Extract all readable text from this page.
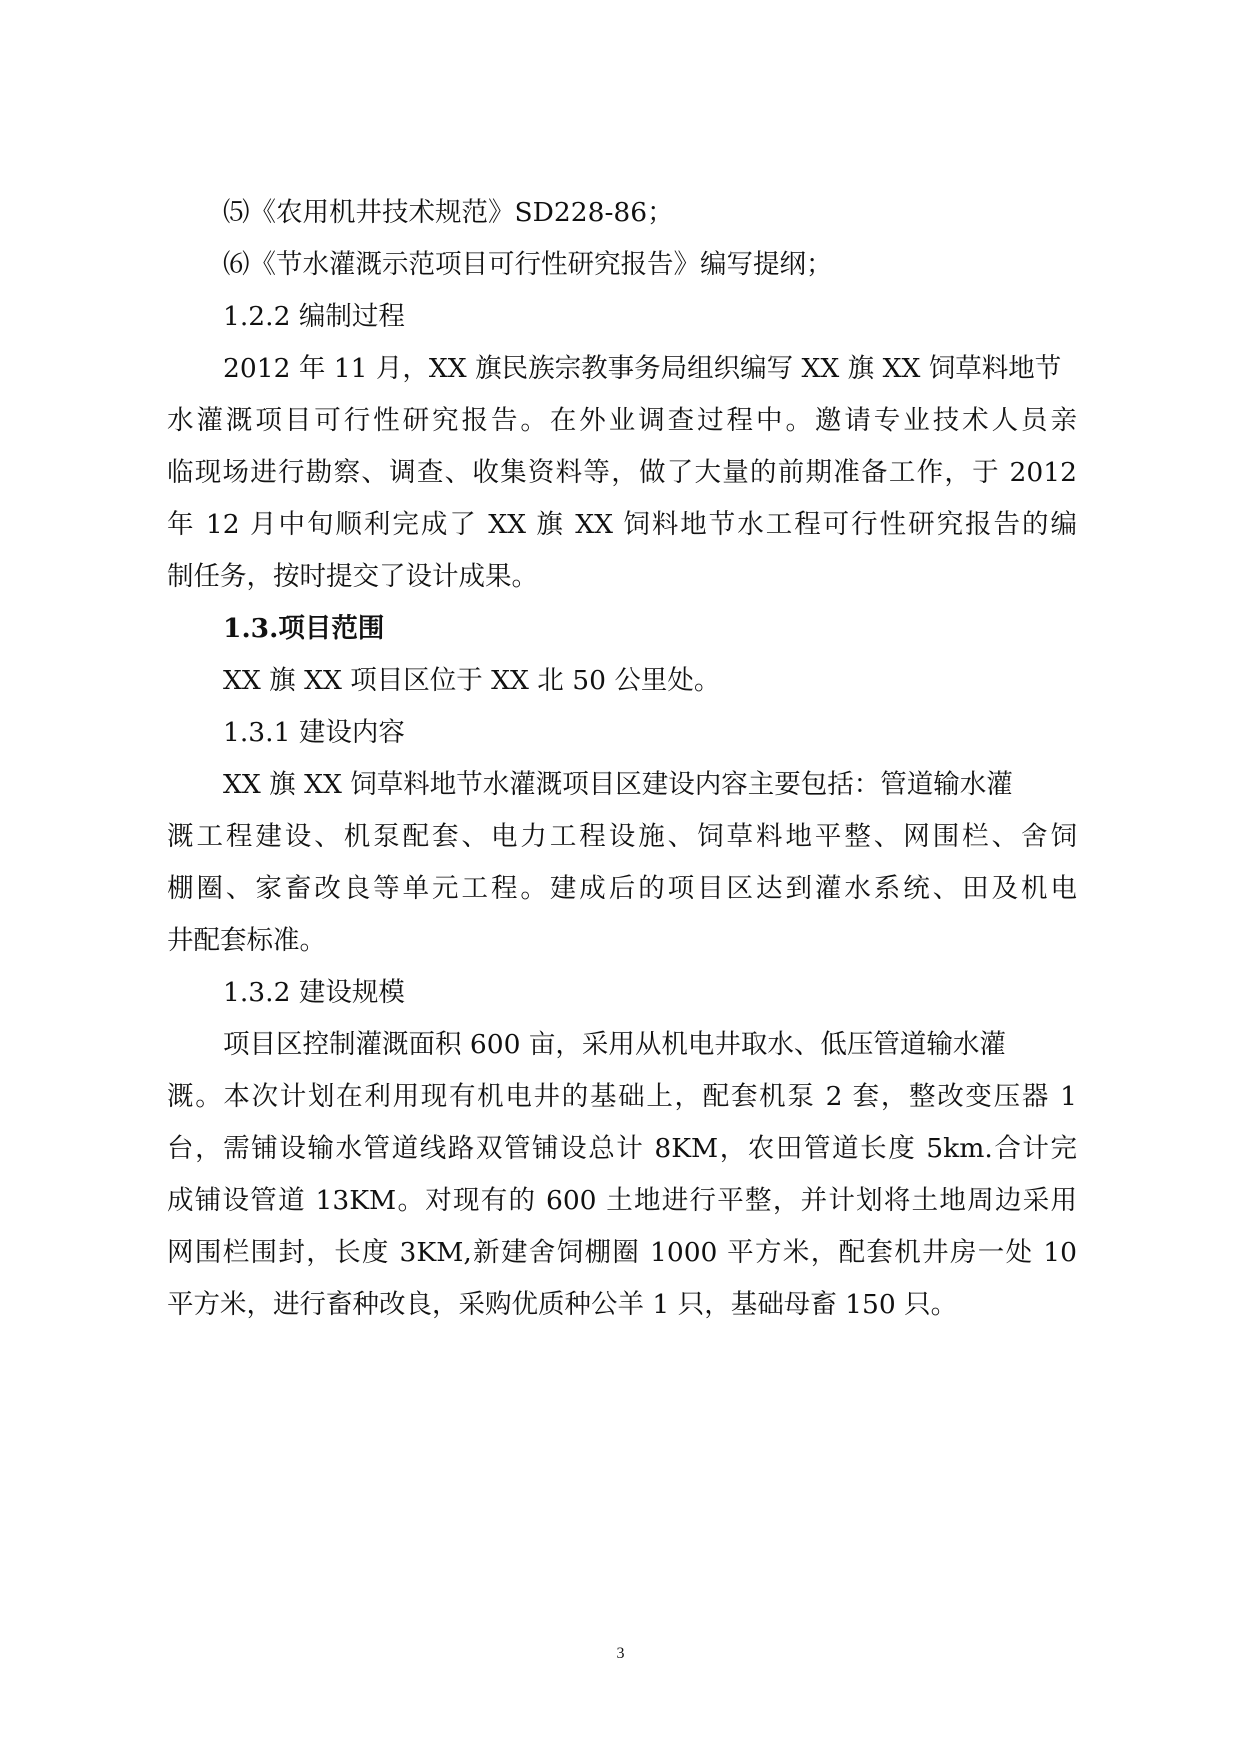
⑸《农用机井技术规范》SD228-86；
⑹《节水灌溉示范项目可行性研究报告》编写提纲；
1.2.2 编制过程
2012 年 11 月，XX 旗民族宗教事务局组织编写 XX 旗 XX 饲草料地节
水灌溉项目可行性研究报告。在外业调查过程中。邀请专业技术人员亲
临现场进行勘察、调查、收集资料等，做了大量的前期准备工作，于 2012
年 12 月中旬顺利完成了 XX 旗 XX 饲料地节水工程可行性研究报告的编
制任务，按时提交了设计成果。
1.3.项目范围
XX 旗 XX 项目区位于 XX 北 50 公里处。
1.3.1 建设内容
XX 旗 XX 饲草料地节水灌溉项目区建设内容主要包括：管道输水灌
溉工程建设、机泵配套、电力工程设施、饲草料地平整、网围栏、舍饲
棚圈、家畜改良等单元工程。建成后的项目区达到灌水系统、田及机电
井配套标准。
1.3.2 建设规模
项目区控制灌溉面积 600 亩，采用从机电井取水、低压管道输水灌
溉。本次计划在利用现有机电井的基础上，配套机泵 2 套，整改变压器 1
台，需铺设输水管道线路双管铺设总计 8KM，农田管道长度 5km.合计完
成铺设管道 13KM。对现有的 600 土地进行平整，并计划将土地周边采用
网围栏围封，长度 3KM,新建舍饲棚圈 1000 平方米，配套机井房一处 10
平方米，进行畜种改良，采购优质种公羊 1 只，基础母畜 150 只。
3
